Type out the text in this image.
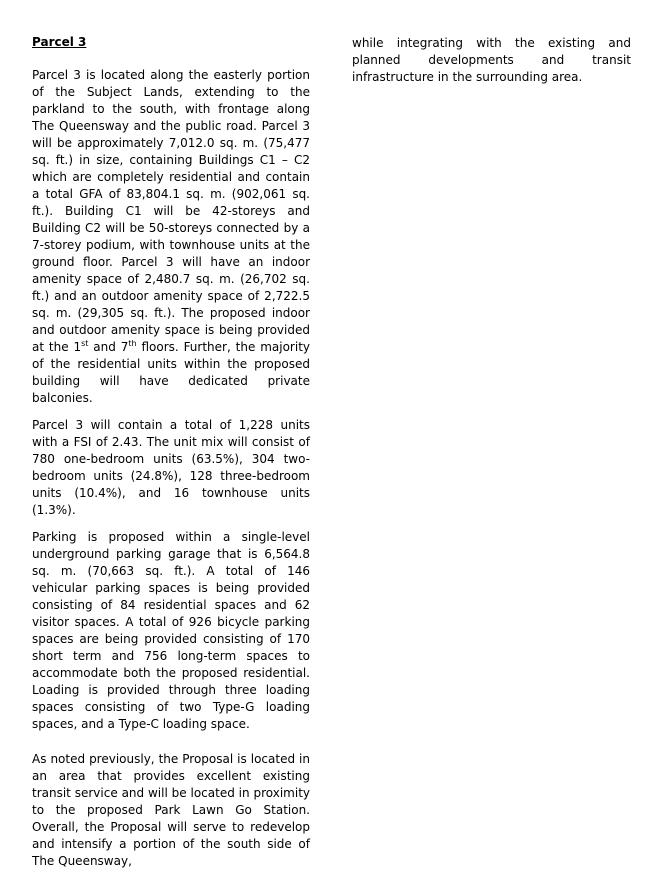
Parcel 3

Parcel 3 is located along the easterly portion of the Subject Lands, extending to the parkland to the south, with frontage along The Queensway and the public road. Parcel 3 will be approximately 7,012.0 sq. m. (75,477 sq. ft.) in size, containing Buildings C1 – C2 which are completely residential and contain a total GFA of 83,804.1 sq. m. (902,061 sq. ft.). Building C1 will be 42-storeys and Building C2 will be 50-storeys connected by a 7-storey podium, with townhouse units at the ground floor. Parcel 3 will have an indoor amenity space of 2,480.7 sq. m. (26,702 sq. ft.) and an outdoor amenity space of 2,722.5 sq. m. (29,305 sq. ft.). The proposed indoor and outdoor amenity space is being provided at the 1st and 7th floors. Further, the majority of the residential units within the proposed building will have dedicated private balconies.

Parcel 3 will contain a total of 1,228 units with a FSI of 2.43. The unit mix will consist of 780 one-bedroom units (63.5%), 304 two-bedroom units (24.8%), 128 three-bedroom units (10.4%), and 16 townhouse units (1.3%).

Parking is proposed within a single-level underground parking garage that is 6,564.8 sq. m. (70,663 sq. ft.). A total of 146 vehicular parking spaces is being provided consisting of 84 residential spaces and 62 visitor spaces. A total of 926 bicycle parking spaces are being provided consisting of 170 short term and 756 long-term spaces to accommodate both the proposed residential. Loading is provided through three loading spaces consisting of two Type-G loading spaces, and a Type-C loading space.

As noted previously, the Proposal is located in an area that provides excellent existing transit service and will be located in proximity to the proposed Park Lawn Go Station. Overall, the Proposal will serve to redevelop and intensify a portion of the south side of The Queensway,

while integrating with the existing and planned developments and transit infrastructure in the surrounding area.
